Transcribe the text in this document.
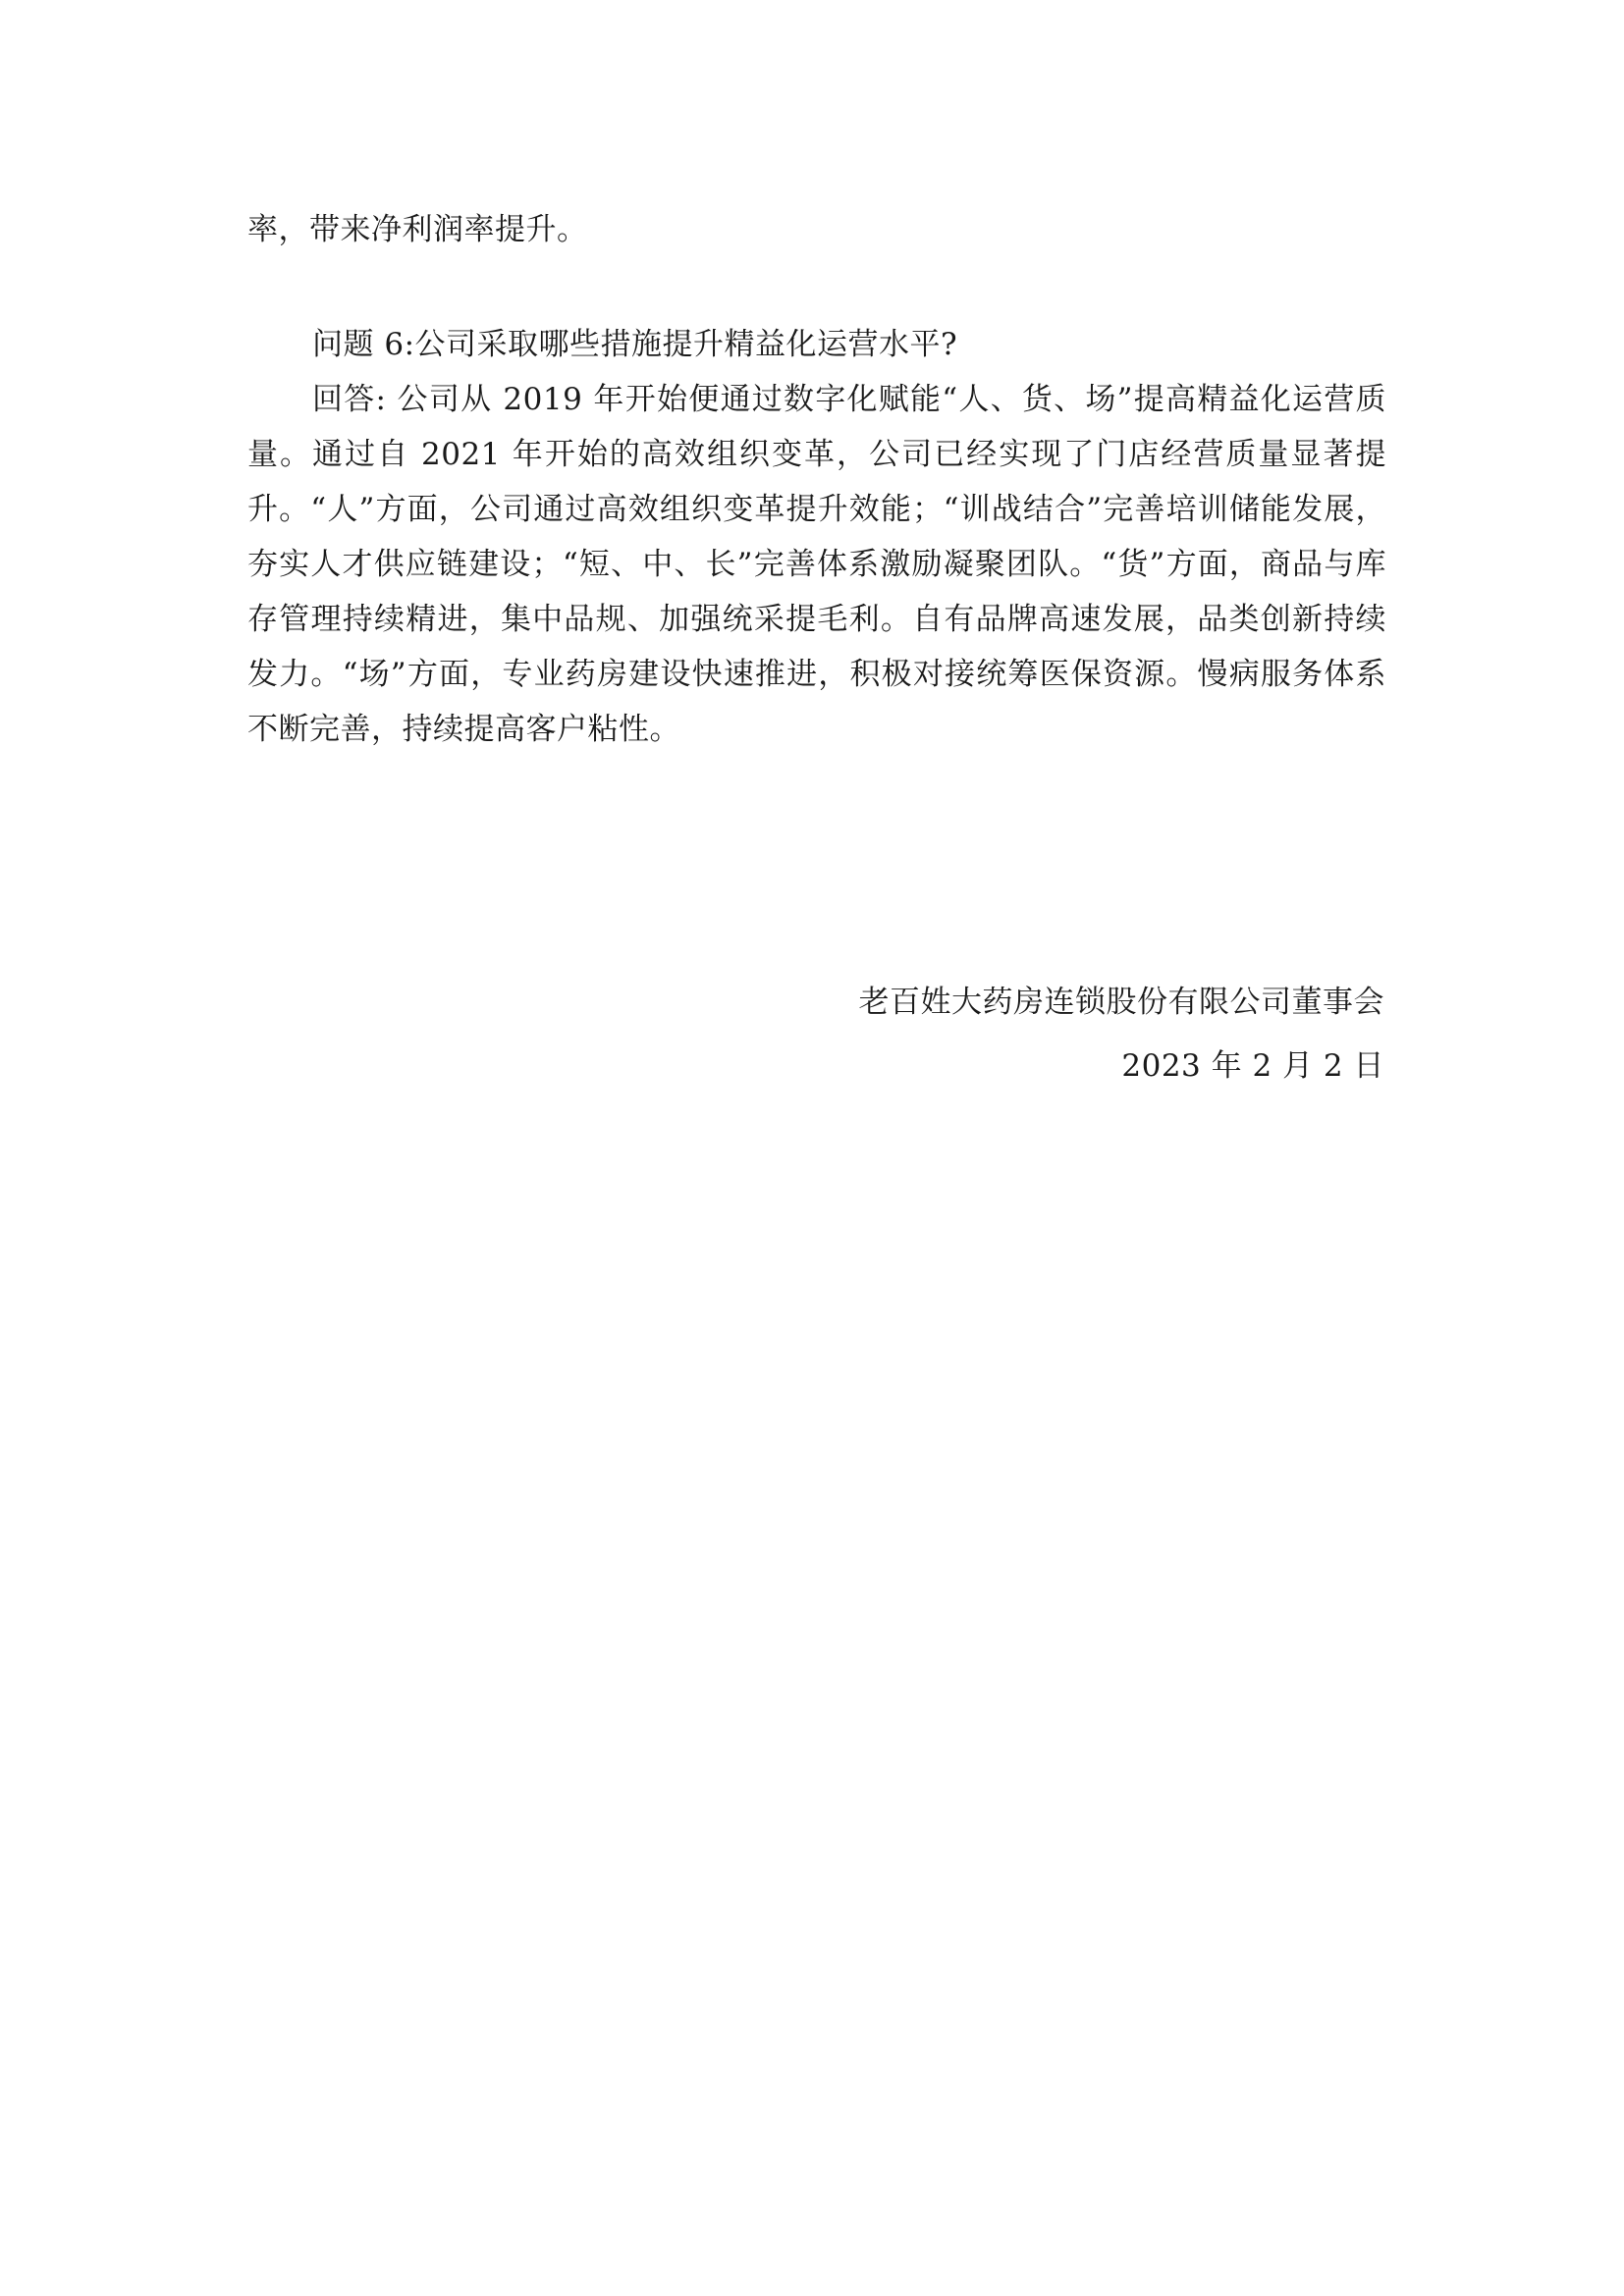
率，带来净利润率提升。
问题 6:公司采取哪些措施提升精益化运营水平?
回答: 公司从 2019 年开始便通过数字化赋能“人、货、场”提高精益化运营质量。通过自 2021 年开始的高效组织变革，公司已经实现了门店经营质量显著提升。“人”方面，公司通过高效组织变革提升效能；“训战结合”完善培训储能发展，夯实人才供应链建设；“短、中、长”完善体系激励凝聚团队。“货”方面，商品与库存管理持续精进，集中品规、加强统采提毛利。自有品牌高速发展，品类创新持续发力。“场”方面，专业药房建设快速推进，积极对接统筹医保资源。慢病服务体系不断完善，持续提高客户粘性。
老百姓大药房连锁股份有限公司董事会
2023 年 2 月 2 日
